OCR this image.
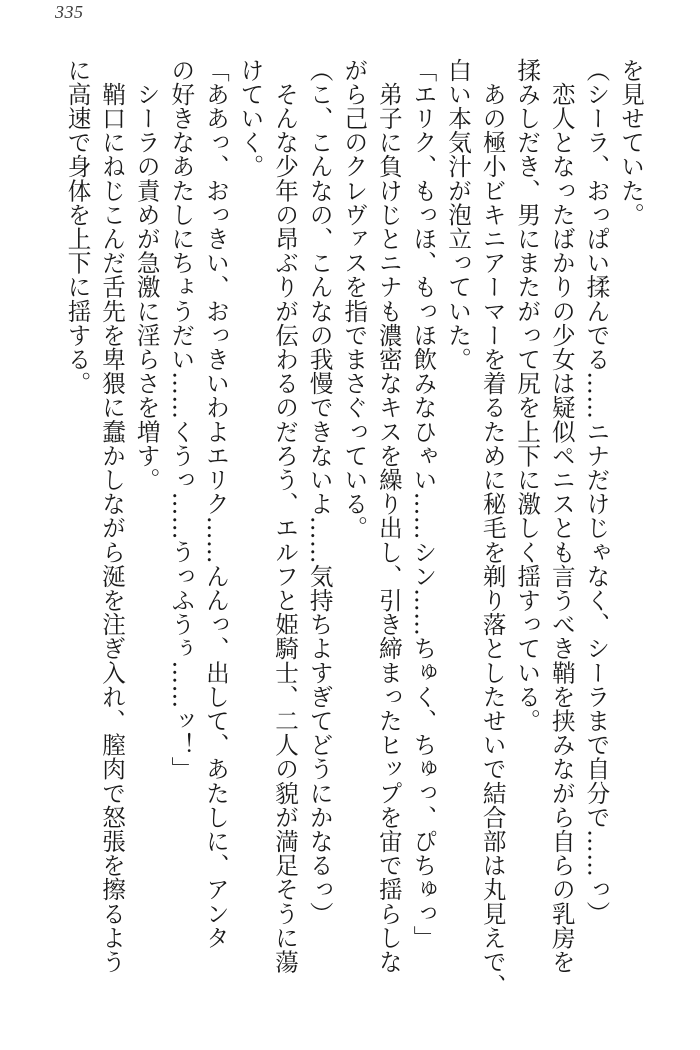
335
を見せていた。
（シーラ、おっぱい揉んでる……ニナだけじゃなく、シーラまで自分で……っ）
　恋人となったばかりの少女は疑似ペニスとも言うべき鞘を挟みながら自らの乳房を
揉みしだき、男にまたがって尻を上下に激しく揺すっている。
　あの極小ビキニアーマーを着るために秘毛を剃り落としたせいで結合部は丸見えで、
白い本気汁が泡立っていた。
「エリク、もっほ、もっほ飲みなひゃい……シン……ちゅく、ちゅっ、ぴちゅっ」
　弟子に負けじとニナも濃密なキスを繰り出し、引き締まったヒップを宙で揺らしな
がら己のクレヴァスを指でまさぐっている。
（こ、こんなの、こんなの我慢できないよ……気持ちよすぎてどうにかなるっ）
　そんな少年の昂ぶりが伝わるのだろう、エルフと姫騎士、二人の貌が満足そうに蕩
けていく。
「ああっ、おっきい、おっきいわよエリク……んんっ、出して、あたしに、アンタ
の好きなあたしにちょうだい……くうっ……うっふうぅ……ッ！」
　シーラの責めが急激に淫らさを増す。
　鞘口にねじこんだ舌先を卑猥に蠢かしながら涎を注ぎ入れ、膣肉で怒張を擦るよう
に高速で身体を上下に揺する。
